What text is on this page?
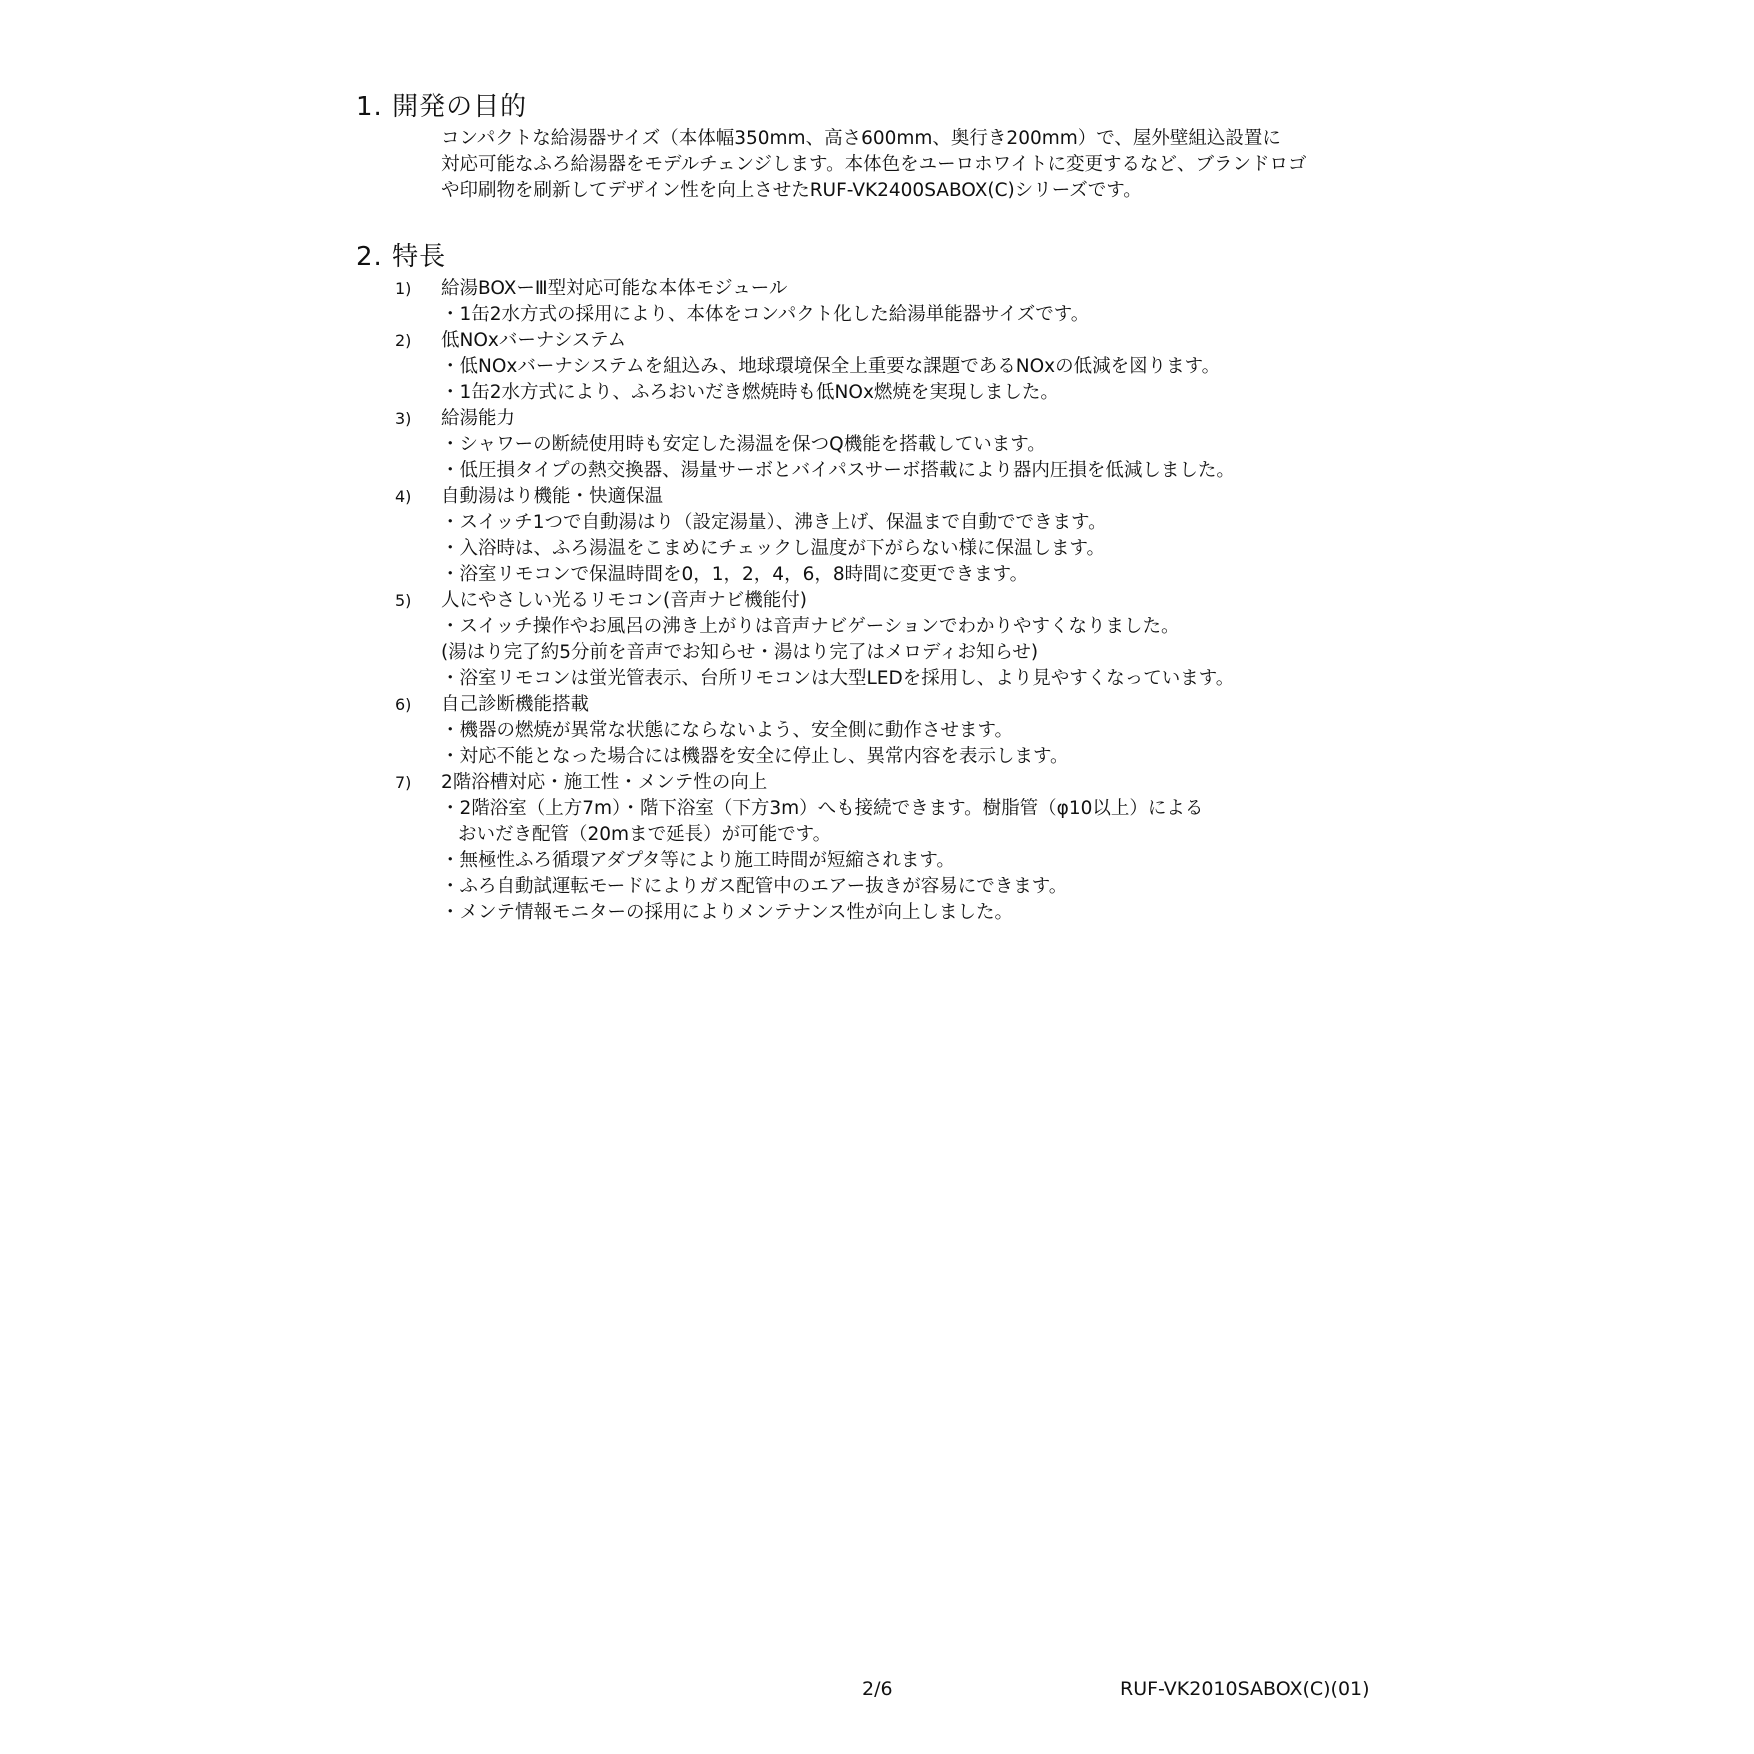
1. 開発の目的
コンパクトな給湯器サイズ（本体幅350mm、高さ600mm、奥行き200mm）で、屋外壁組込設置に
対応可能なふろ給湯器をモデルチェンジします。本体色をユーロホワイトに変更するなど、ブランドロゴ
や印刷物を刷新してデザイン性を向上させたRUF-VK2400SABOX(C)シリーズです。
2. 特長
1) 給湯BOXーⅢ型対応可能な本体モジュール
・1缶2水方式の採用により、本体をコンパクト化した給湯単能器サイズです。
2) 低NOxバーナシステム
・低NOxバーナシステムを組込み、地球環境保全上重要な課題であるNOxの低減を図ります。
・1缶2水方式により、ふろおいだき燃焼時も低NOx燃焼を実現しました。
3) 給湯能力
・シャワーの断続使用時も安定した湯温を保つQ機能を搭載しています。
・低圧損タイプの熱交換器、湯量サーボとバイパスサーボ搭載により器内圧損を低減しました。
4) 自動湯はり機能・快適保温
・スイッチ1つで自動湯はり（設定湯量）、沸き上げ、保温まで自動でできます。
・入浴時は、ふろ湯温をこまめにチェックし温度が下がらない様に保温します。
・浴室リモコンで保温時間を0，1，2，4，6，8時間に変更できます。
5) 人にやさしい光るリモコン(音声ナビ機能付)
・スイッチ操作やお風呂の沸き上がりは音声ナビゲーションでわかりやすくなりました。
(湯はり完了約5分前を音声でお知らせ・湯はり完了はメロディお知らせ)
・浴室リモコンは蛍光管表示、台所リモコンは大型LEDを採用し、より見やすくなっています。
6) 自己診断機能搭載
・機器の燃焼が異常な状態にならないよう、安全側に動作させます。
・対応不能となった場合には機器を安全に停止し、異常内容を表示します。
7) 2階浴槽対応・施工性・メンテ性の向上
・2階浴室（上方7m）・階下浴室（下方3m）へも接続できます。樹脂管（φ10以上）による
おいだき配管（20mまで延長）が可能です。
・無極性ふろ循環アダプタ等により施工時間が短縮されます。
・ふろ自動試運転モードによりガス配管中のエアー抜きが容易にできます。
・メンテ情報モニターの採用によりメンテナンス性が向上しました。
2/6	RUF-VK2010SABOX(C)(01)
